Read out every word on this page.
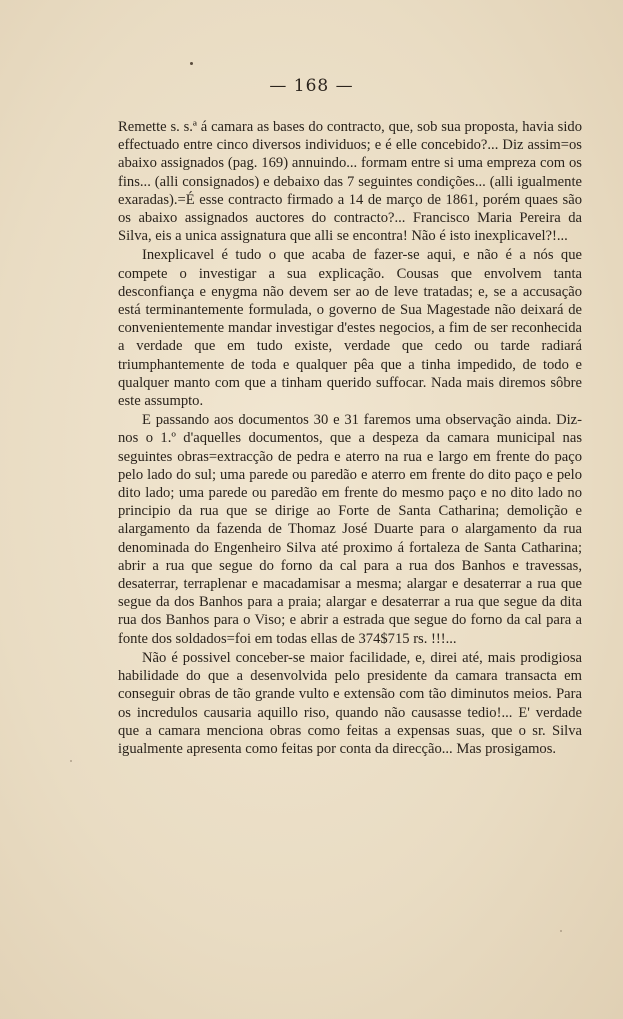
— 168 —

Remette s. s.ª á camara as bases do contracto, que, sob sua proposta, havia sido effectuado entre cinco diversos individuos; e é elle concebido?... Diz assim=os abaixo assignados (pag. 169) annuindo... formam entre si uma empreza com os fins... (alli consignados) e debaixo das 7 seguintes condições... (alli igualmente exaradas).=É esse contracto firmado a 14 de março de 1861, porém quaes são os abaixo assignados auctores do contracto?... Francisco Maria Pereira da Silva, eis a unica assignatura que alli se encontra! Não é isto inexplicavel?!...

Inexplicavel é tudo o que acaba de fazer-se aqui, e não é a nós que compete o investigar a sua explicação. Cousas que envolvem tanta desconfiança e enygma não devem ser ao de leve tratadas; e, se a accusação está terminantemente formulada, o governo de Sua Magestade não deixará de convenientemente mandar investigar d'estes negocios, a fim de ser reconhecida a verdade que em tudo existe, verdade que cedo ou tarde radiará triumphantemente de toda e qualquer pêa que a tinha impedido, de todo e qualquer manto com que a tinham querido suffocar. Nada mais diremos sôbre este assumpto.

E passando aos documentos 30 e 31 faremos uma observação ainda. Diz-nos o 1.º d'aquelles documentos, que a despeza da camara municipal nas seguintes obras=extracção de pedra e aterro na rua e largo em frente do paço pelo lado do sul; uma parede ou paredão e aterro em frente do dito paço e pelo dito lado; uma parede ou paredão em frente do mesmo paço e no dito lado no principio da rua que se dirige ao Forte de Santa Catharina; demolição e alargamento da fazenda de Thomaz José Duarte para o alargamento da rua denominada do Engenheiro Silva até proximo á fortaleza de Santa Catharina; abrir a rua que segue do forno da cal para a rua dos Banhos e travessas, desaterrar, terraplenar e macadamisar a mesma; alargar e desaterrar a rua que segue da dos Banhos para a praia; alargar e desaterrar a rua que segue da dita rua dos Banhos para o Viso; e abrir a estrada que segue do forno da cal para a fonte dos soldados=foi em todas ellas de 374$715 rs. !!!...

Não é possivel conceber-se maior facilidade, e, direi até, mais prodigiosa habilidade do que a desenvolvida pelo presidente da camara transacta em conseguir obras de tão grande vulto e extensão com tão diminutos meios. Para os incredulos causaria aquillo riso, quando não causasse tedio!... E' verdade que a camara menciona obras como feitas a expensas suas, que o sr. Silva igualmente apresenta como feitas por conta da direcção... Mas prosigamos.
